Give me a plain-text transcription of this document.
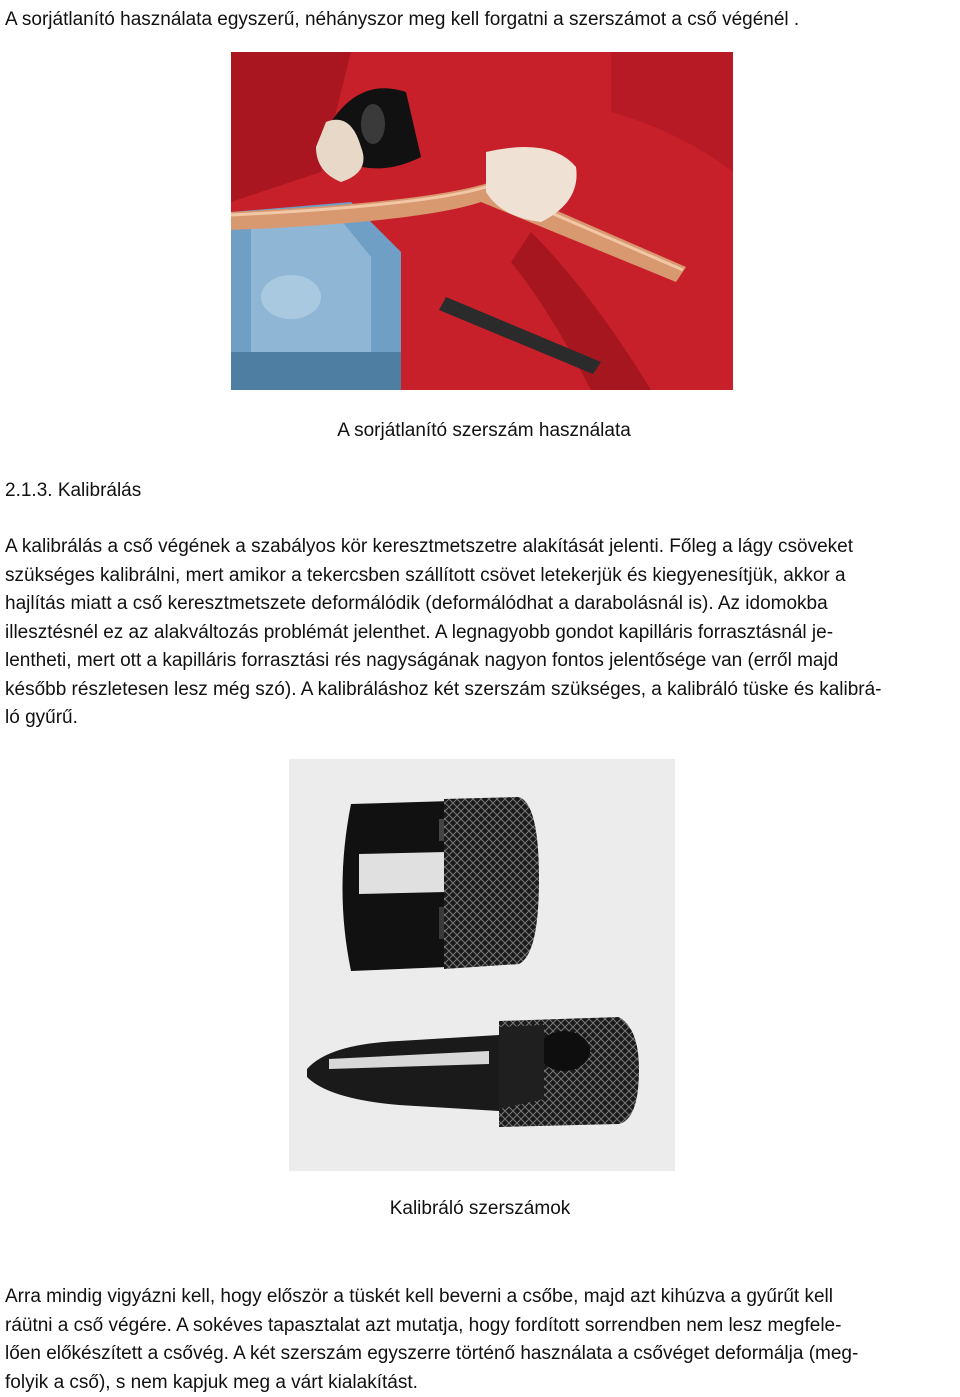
A sorjátlanító használata egyszerű, néhányszor meg kell forgatni a szerszámot a cső végénél .
A sorjátlanító szerszám használata
2.1.3. Kalibrálás
A kalibrálás a cső végének a szabályos kör keresztmetszetre alakítását jelenti. Főleg a lágy csöveket
szükséges kalibrálni, mert amikor a tekercsben szállított csövet letekerjük és kiegyenesítjük, akkor a
hajlítás miatt a cső keresztmetszete deformálódik (deformálódhat a darabolásnál is). Az idomokba
illesztésnél ez az alakváltozás problémát jelenthet. A legnagyobb gondot kapilláris forrasztásnál je-
lentheti, mert ott a kapilláris forrasztási rés nagyságának nagyon fontos jelentősége van (erről majd
később részletesen lesz még szó). A kalibráláshoz két szerszám szükséges, a kalibráló tüske és kalibrá-
ló gyűrű.
Kalibráló szerszámok
Arra mindig vigyázni kell, hogy először a tüskét kell beverni a csőbe, majd azt kihúzva a gyűrűt kell
ráütni a cső végére. A sokéves tapasztalat azt mutatja, hogy fordított sorrendben nem lesz megfele-
lően előkészített a csővég. A két szerszám egyszerre történő használata a csővéget deformálja (meg-
folyik a cső), s nem kapjuk meg a várt kialakítást.
